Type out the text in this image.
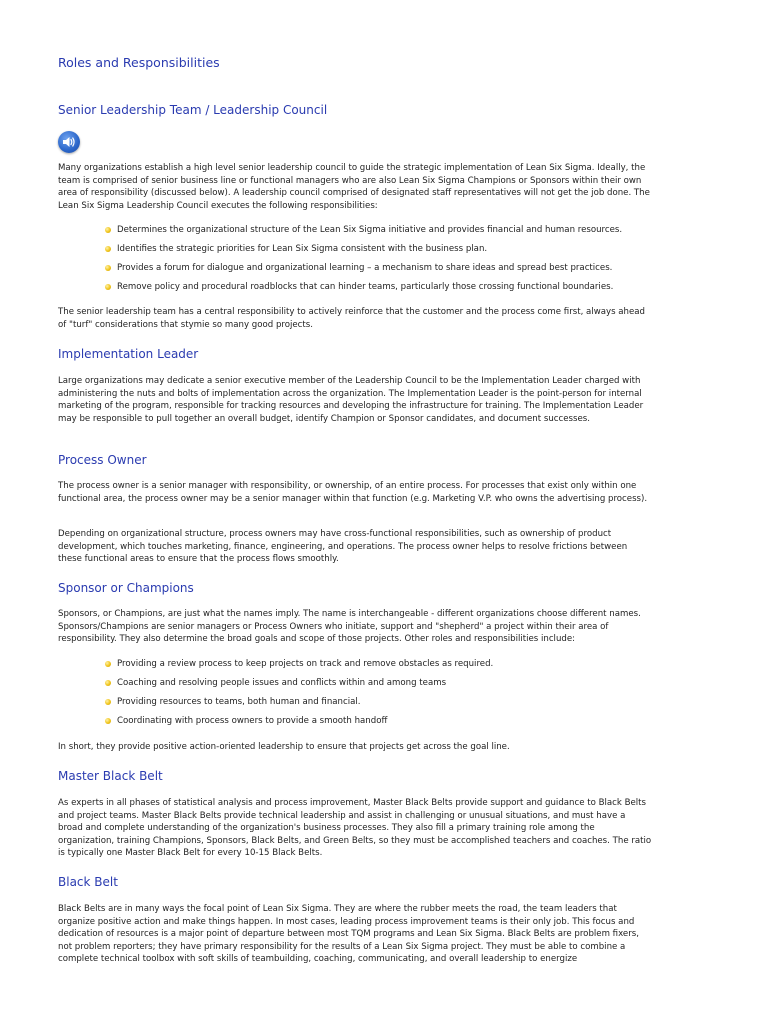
Roles and Responsibilities
Senior Leadership Team / Leadership Council

Many organizations establish a high level senior leadership council to guide the strategic implementation of Lean Six Sigma. Ideally, the team is comprised of senior business line or functional managers who are also Lean Six Sigma Champions or Sponsors within their own area of responsibility (discussed below). A leadership council comprised of designated staff representatives will not get the job done. The Lean Six Sigma Leadership Council executes the following responsibilities:

Determines the organizational structure of the Lean Six Sigma initiative and provides financial and human resources.
Identifies the strategic priorities for Lean Six Sigma consistent with the business plan.
Provides a forum for dialogue and organizational learning – a mechanism to share ideas and spread best practices.
Remove policy and procedural roadblocks that can hinder teams, particularly those crossing functional boundaries.

The senior leadership team has a central responsibility to actively reinforce that the customer and the process come first, always ahead of "turf" considerations that stymie so many good projects.

Implementation Leader

Large organizations may dedicate a senior executive member of the Leadership Council to be the Implementation Leader charged with administering the nuts and bolts of implementation across the organization. The Implementation Leader is the point-person for internal marketing of the program, responsible for tracking resources and developing the infrastructure for training. The Implementation Leader may be responsible to pull together an overall budget, identify Champion or Sponsor candidates, and document successes.

Process Owner

The process owner is a senior manager with responsibility, or ownership, of an entire process. For processes that exist only within one functional area, the process owner may be a senior manager within that function (e.g. Marketing V.P. who owns the advertising process).

Depending on organizational structure, process owners may have cross-functional responsibilities, such as ownership of product development, which touches marketing, finance, engineering, and operations. The process owner helps to resolve frictions between these functional areas to ensure that the process flows smoothly.

Sponsor or Champions

Sponsors, or Champions, are just what the names imply. The name is interchangeable - different organizations choose different names. Sponsors/Champions are senior managers or Process Owners who initiate, support and "shepherd" a project within their area of responsibility. They also determine the broad goals and scope of those projects. Other roles and responsibilities include:

Providing a review process to keep projects on track and remove obstacles as required.
Coaching and resolving people issues and conflicts within and among teams
Providing resources to teams, both human and financial.
Coordinating with process owners to provide a smooth handoff

In short, they provide positive action-oriented leadership to ensure that projects get across the goal line.

Master Black Belt

As experts in all phases of statistical analysis and process improvement, Master Black Belts provide support and guidance to Black Belts and project teams. Master Black Belts provide technical leadership and assist in challenging or unusual situations, and must have a broad and complete understanding of the organization's business processes. They also fill a primary training role among the organization, training Champions, Sponsors, Black Belts, and Green Belts, so they must be accomplished teachers and coaches. The ratio is typically one Master Black Belt for every 10-15 Black Belts.

Black Belt

Black Belts are in many ways the focal point of Lean Six Sigma. They are where the rubber meets the road, the team leaders that organize positive action and make things happen. In most cases, leading process improvement teams is their only job. This focus and dedication of resources is a major point of departure between most TQM programs and Lean Six Sigma. Black Belts are problem fixers, not problem reporters; they have primary responsibility for the results of a Lean Six Sigma project. They must be able to combine a complete technical toolbox with soft skills of teambuilding, coaching, communicating, and overall leadership to energize
